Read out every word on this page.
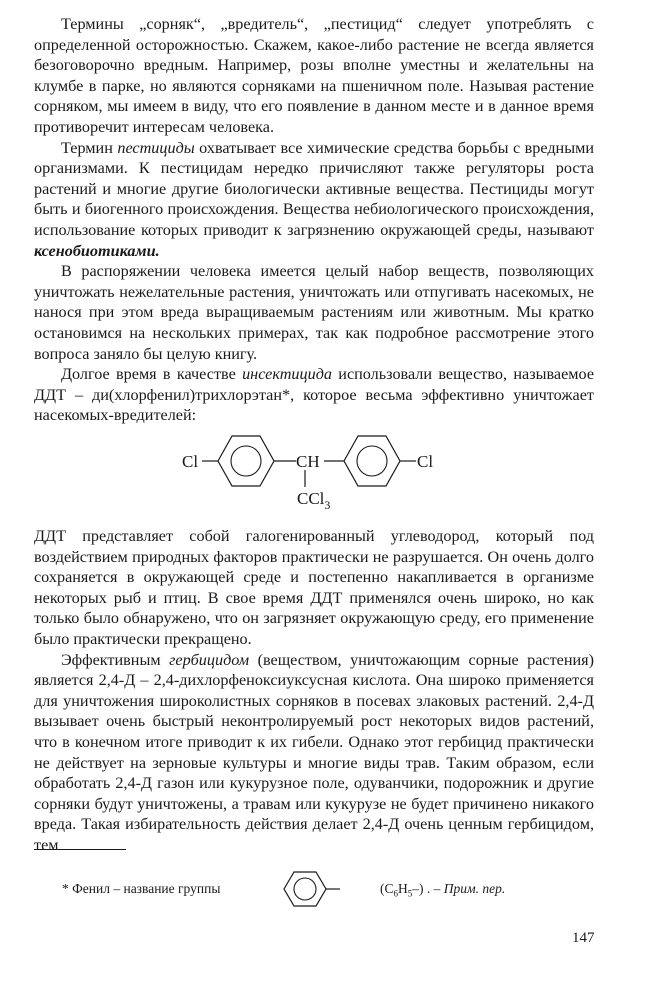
Термины „сорняк“, „вредитель“, „пестицид“ следует употреблять с определенной осторожностью. Скажем, какое-либо растение не всегда является безоговорочно вредным. Например, розы вполне уместны и желательны на клумбе в парке, но являются сорняками на пшеничном поле. Называя растение сорняком, мы имеем в виду, что его появление в данном месте и в данное время противоречит интересам человека.

Термин пестициды охватывает все химические средства борьбы с вредными организмами. К пестицидам нередко причисляют также регуляторы роста растений и многие другие биологически активные вещества. Пестициды могут быть и биогенного происхождения. Вещества небиологического происхождения, использование которых приводит к загрязнению окружающей среды, называют ксенобиотиками.

В распоряжении человека имеется целый набор веществ, позволяющих уничтожать нежелательные растения, уничтожать или отпугивать насекомых, не нанося при этом вреда выращиваемым растениям или животным. Мы кратко остановимся на нескольких примерах, так как подробное рассмотрение этого вопроса заняло бы целую книгу.

Долгое время в качестве инсектицида использовали вещество, называемое ДДТ – ди(хлорфенил)трихлорэтан*, которое весьма эффективно уничтожает насекомых-вредителей:

Cl	CH	Cl
CCl$_3$

ДДТ представляет собой галогенированный углеводород, который под воздействием природных факторов практически не разрушается. Он очень долго сохраняется в окружающей среде и постепенно накапливается в организме некоторых рыб и птиц. В свое время ДДТ применялся очень широко, но как только было обнаружено, что он загрязняет окружающую среду, его применение было практически прекращено.

Эффективным гербицидом (веществом, уничтожающим сорные растения) является 2,4-Д – 2,4-дихлорфеноксиуксусная кислота. Она широко применяется для уничтожения широколистных сорняков в посевах злаковых растений. 2,4-Д вызывает очень быстрый неконтролируемый рост некоторых видов растений, что в конечном итоге приводит к их гибели. Однако этот гербицид практически не действует на зерновые культуры и многие виды трав. Таким образом, если обработать 2,4-Д газон или кукурузное поле, одуванчики, подорожник и другие сорняки будут уничтожены, а травам или кукурузе не будет причинено никакого вреда. Такая избирательность действия делает 2,4-Д очень ценным гербицидом, тем

* Фенил – название группы	$(C_6H_5-)$ . – Прим. пер.
147
